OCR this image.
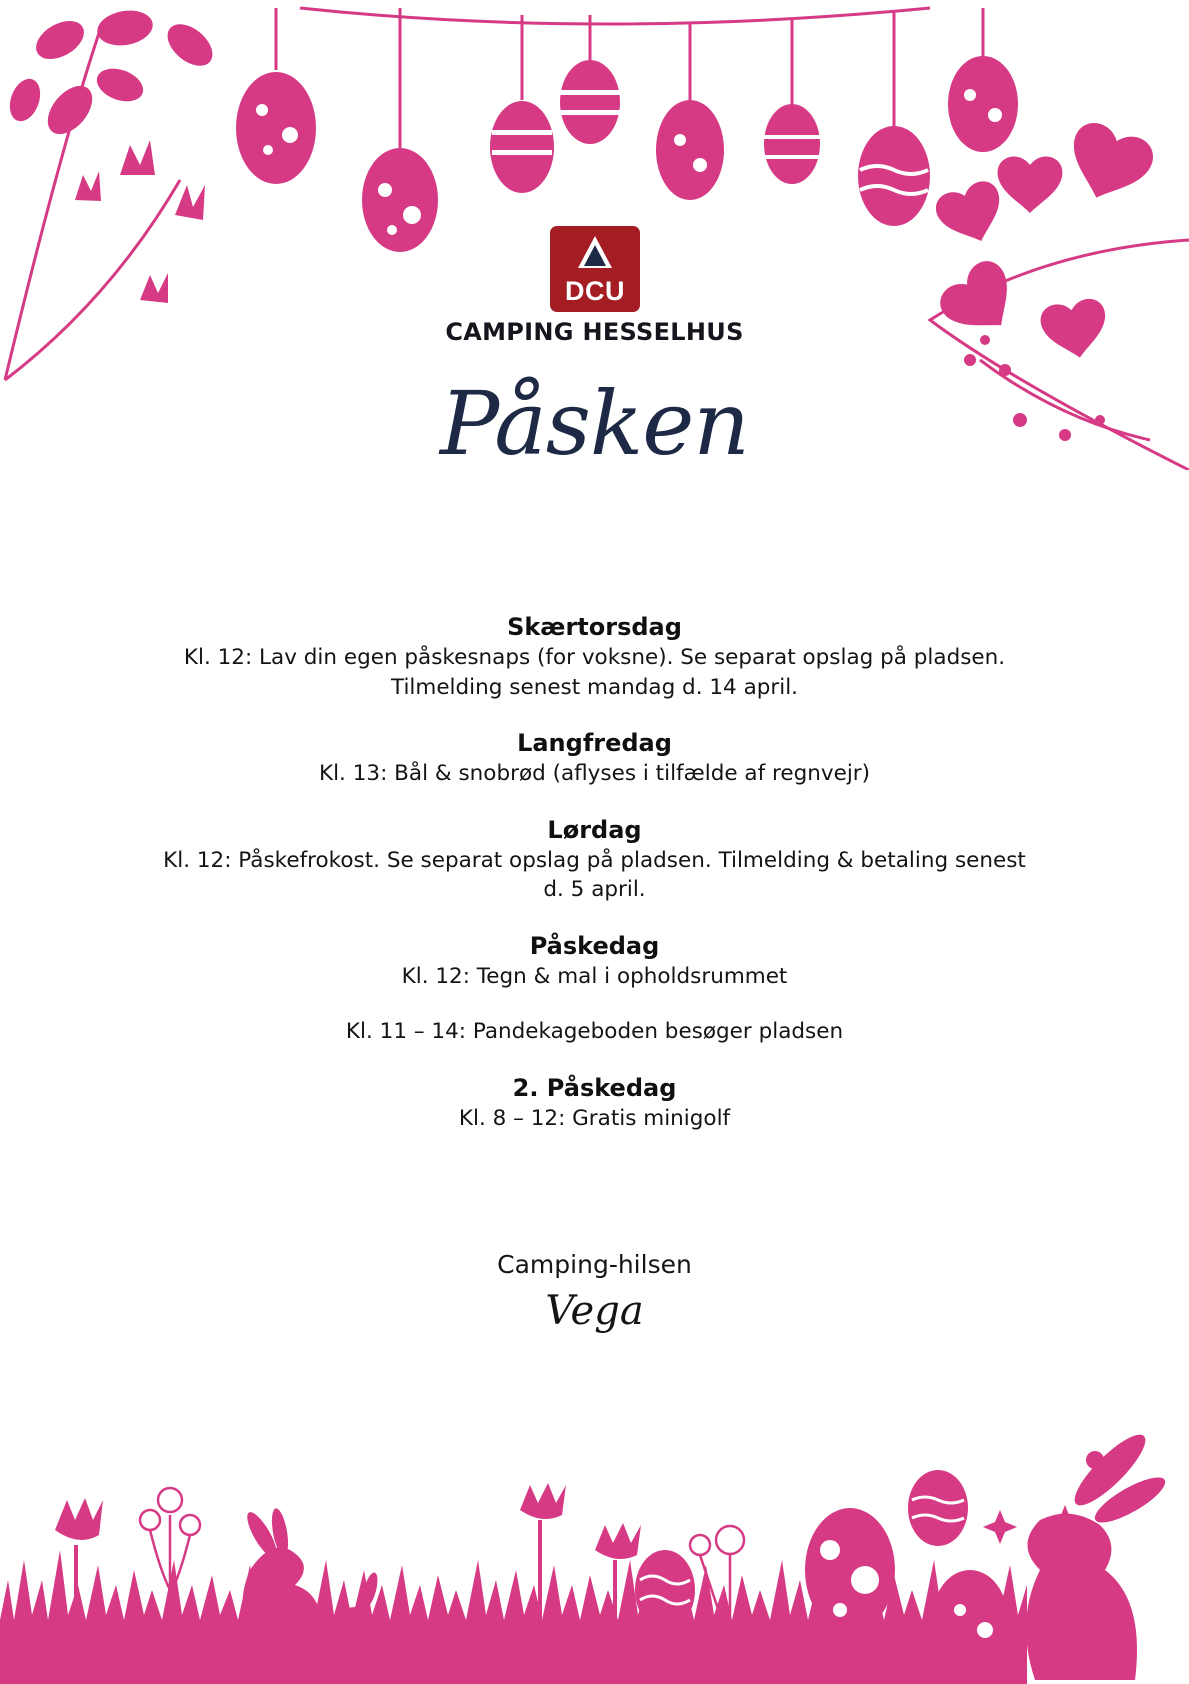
DCU
CAMPING HESSELHUS
Påsken
Skærtorsdag
Kl. 12: Lav din egen påskesnaps (for voksne). Se separat opslag på pladsen.
Tilmelding senest mandag d. 14 april.
Langfredag
Kl. 13: Bål & snobrød (aflyses i tilfælde af regnvejr)
Lørdag
Kl. 12: Påskefrokost. Se separat opslag på pladsen. Tilmelding & betaling senest
d. 5 april.
Påskedag
Kl. 12: Tegn & mal i opholdsrummet
Kl. 11 – 14: Pandekageboden besøger pladsen
2. Påskedag
Kl. 8 – 12: Gratis minigolf
Camping-hilsen
Vega
